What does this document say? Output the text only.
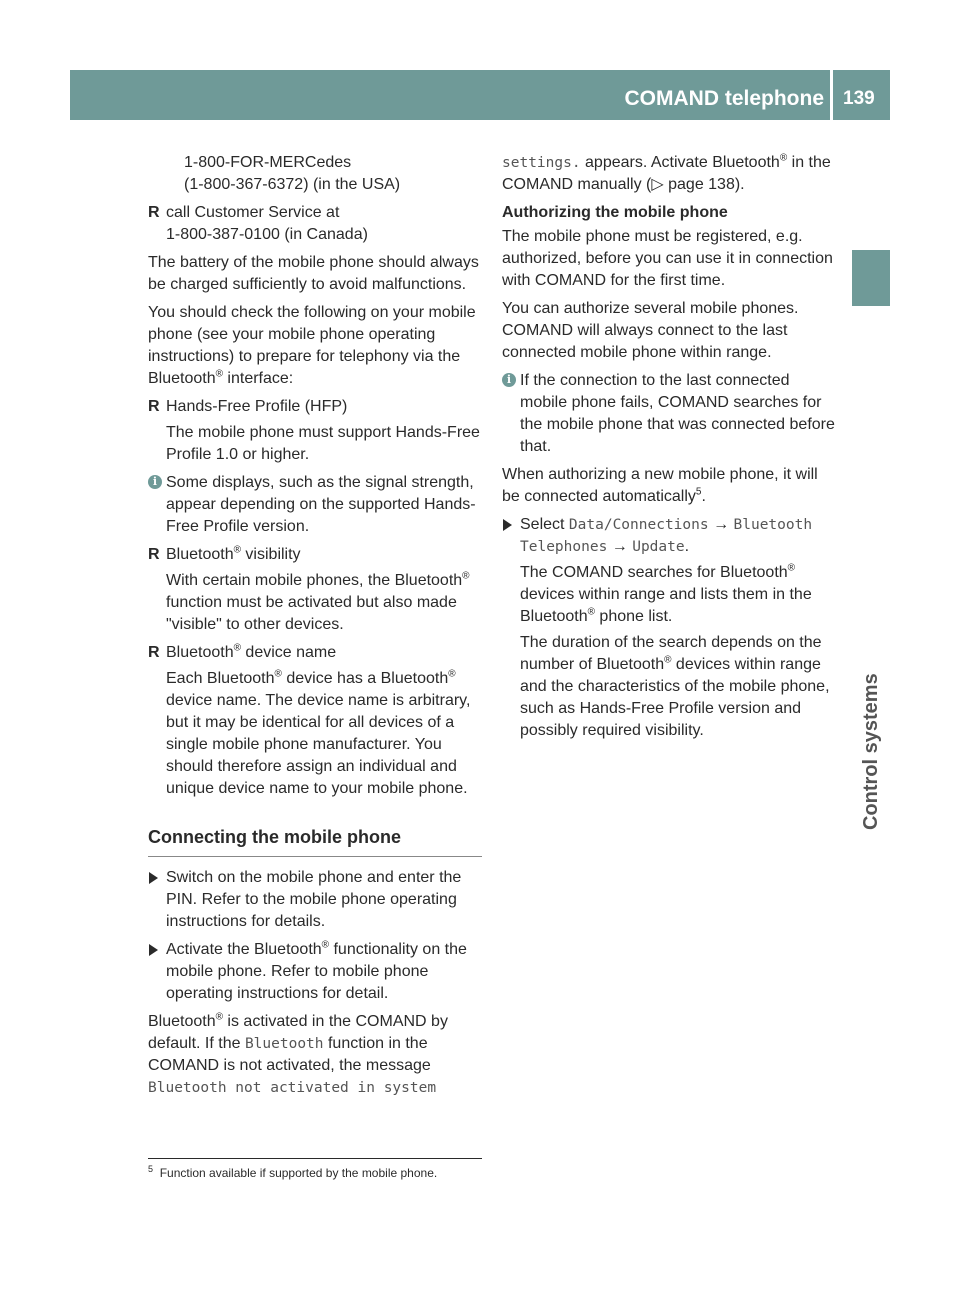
COMAND telephone 139
Control systems

1-800-FOR-MERCedes

(1-800-367-6372) (in the USA)

R call Customer Service at
1-800-387-0100 (in Canada)

The battery of the mobile phone should always be charged sufficiently to avoid malfunctions.

You should check the following on your mobile phone (see your mobile phone operating instructions) to prepare for telephony via the Bluetooth® interface:

R Hands-Free Profile (HFP)
The mobile phone must support Hands-Free Profile 1.0 or higher.
i Some displays, such as the signal strength, appear depending on the supported Hands-Free Profile version.
R Bluetooth® visibility
With certain mobile phones, the Bluetooth® function must be activated but also made "visible" to other devices.
R Bluetooth® device name
Each Bluetooth® device has a Bluetooth® device name. The device name is arbitrary, but it may be identical for all devices of a single mobile phone manufacturer. You should therefore assign an individual and unique device name to your mobile phone.
Connecting the mobile phone
Switch on the mobile phone and enter the PIN. Refer to the mobile phone operating instructions for details.
Activate the Bluetooth® functionality on the mobile phone. Refer to mobile phone operating instructions for detail.

Bluetooth® is activated in the COMAND by default. If the Bluetooth function in the COMAND is not activated, the message Bluetooth not activated in system

settings. appears. Activate Bluetooth® in the COMAND manually (▷ page 138).

Authorizing the mobile phone

The mobile phone must be registered, e.g. authorized, before you can use it in connection with COMAND for the first time.

You can authorize several mobile phones. COMAND will always connect to the last connected mobile phone within range.

i If the connection to the last connected mobile phone fails, COMAND searches for the mobile phone that was connected before that.

When authorizing a new mobile phone, it will be connected automatically$^5$.

Select Data/Connections → Bluetooth Telephones → Update.
The COMAND searches for Bluetooth® devices within range and lists them in the Bluetooth® phone list.
The duration of the search depends on the number of Bluetooth® devices within range and the characteristics of the mobile phone, such as Hands-Free Profile version and possibly required visibility.
$^5$ Function available if supported by the mobile phone.
